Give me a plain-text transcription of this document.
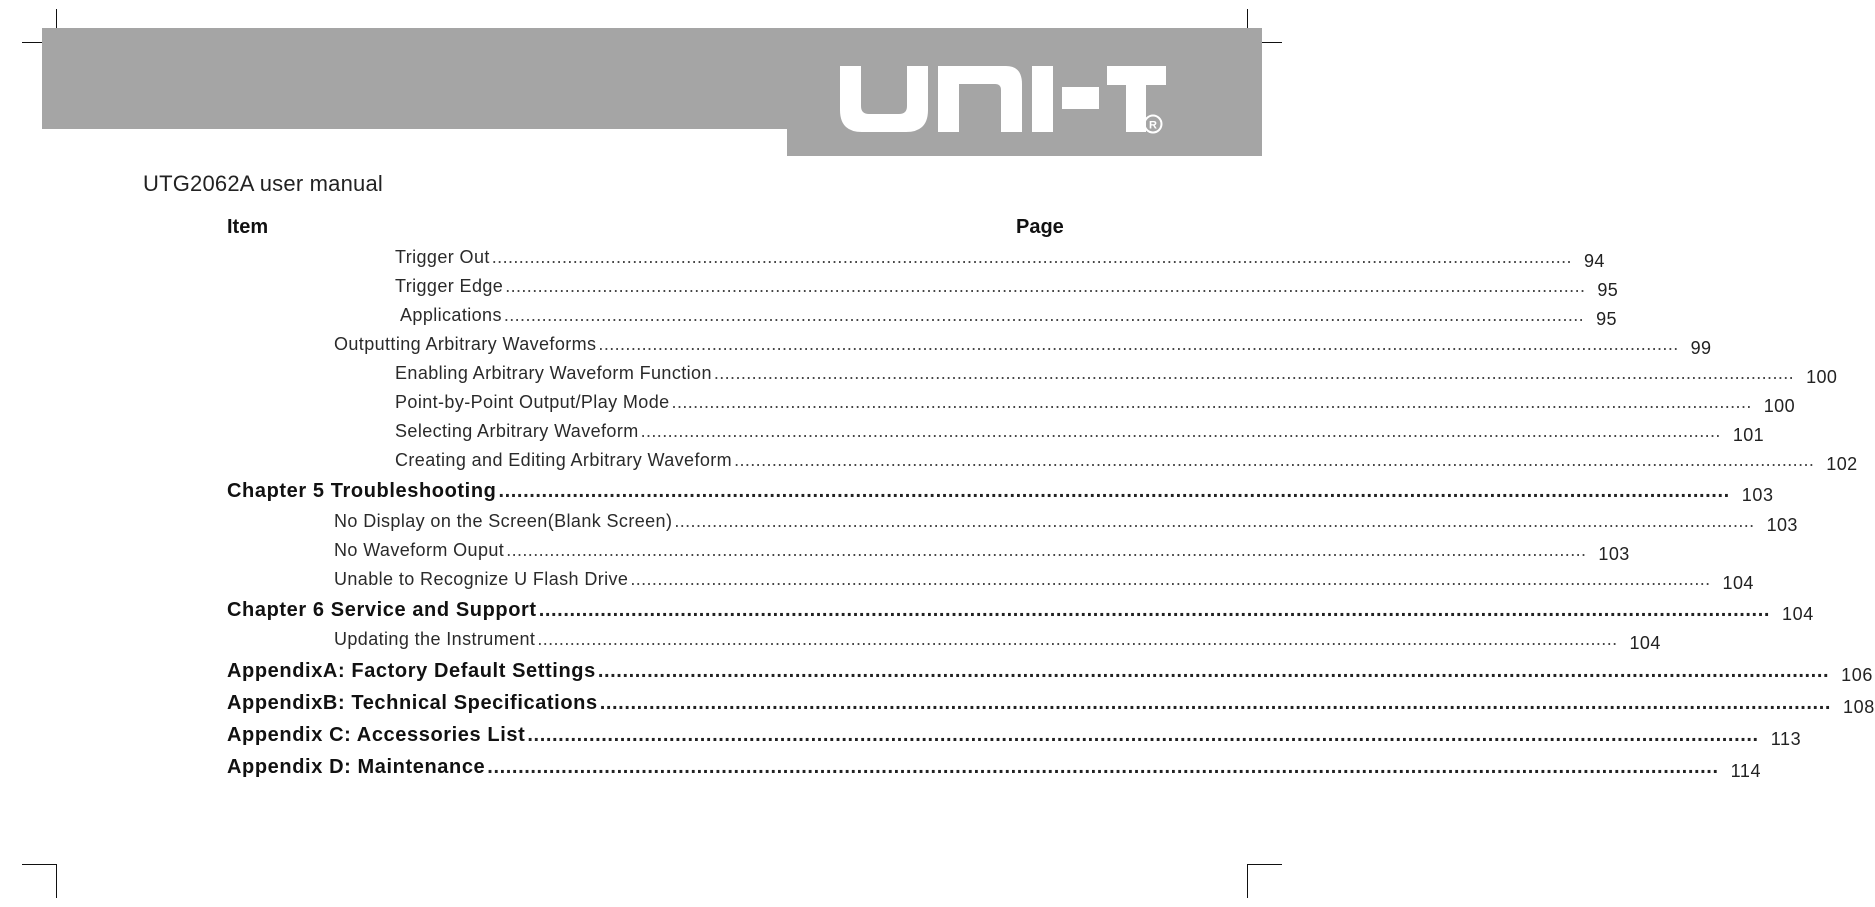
R
UTG2062A user manual
Item	Page
Trigger Out ........................................................................................................................................................................................................ 94
Trigger Edge ........................................................................................................................................................................................................ 95
Applications ........................................................................................................................................................................................................ 95
Outputting Arbitrary Waveforms ........................................................................................................................................................................................................ 99
Enabling Arbitrary Waveform Function ........................................................................................................................................................................................................ 100
Point-by-Point Output/Play Mode ........................................................................................................................................................................................................ 100
Selecting Arbitrary Waveform ........................................................................................................................................................................................................ 101
Creating and Editing Arbitrary Waveform ........................................................................................................................................................................................................ 102
Chapter 5 Troubleshooting ........................................................................................................................................................................................................ 103
No Display on the Screen(Blank Screen) ........................................................................................................................................................................................................ 103
No Waveform Ouput ........................................................................................................................................................................................................ 103
Unable to Recognize U Flash Drive ........................................................................................................................................................................................................ 104
Chapter 6 Service and Support ........................................................................................................................................................................................................ 104
Updating the Instrument ........................................................................................................................................................................................................ 104
AppendixA: Factory Default Settings ........................................................................................................................................................................................................ 106
AppendixB: Technical Specifications ........................................................................................................................................................................................................ 108
Appendix C: Accessories List ........................................................................................................................................................................................................ 113
Appendix D: Maintenance ........................................................................................................................................................................................................ 114
